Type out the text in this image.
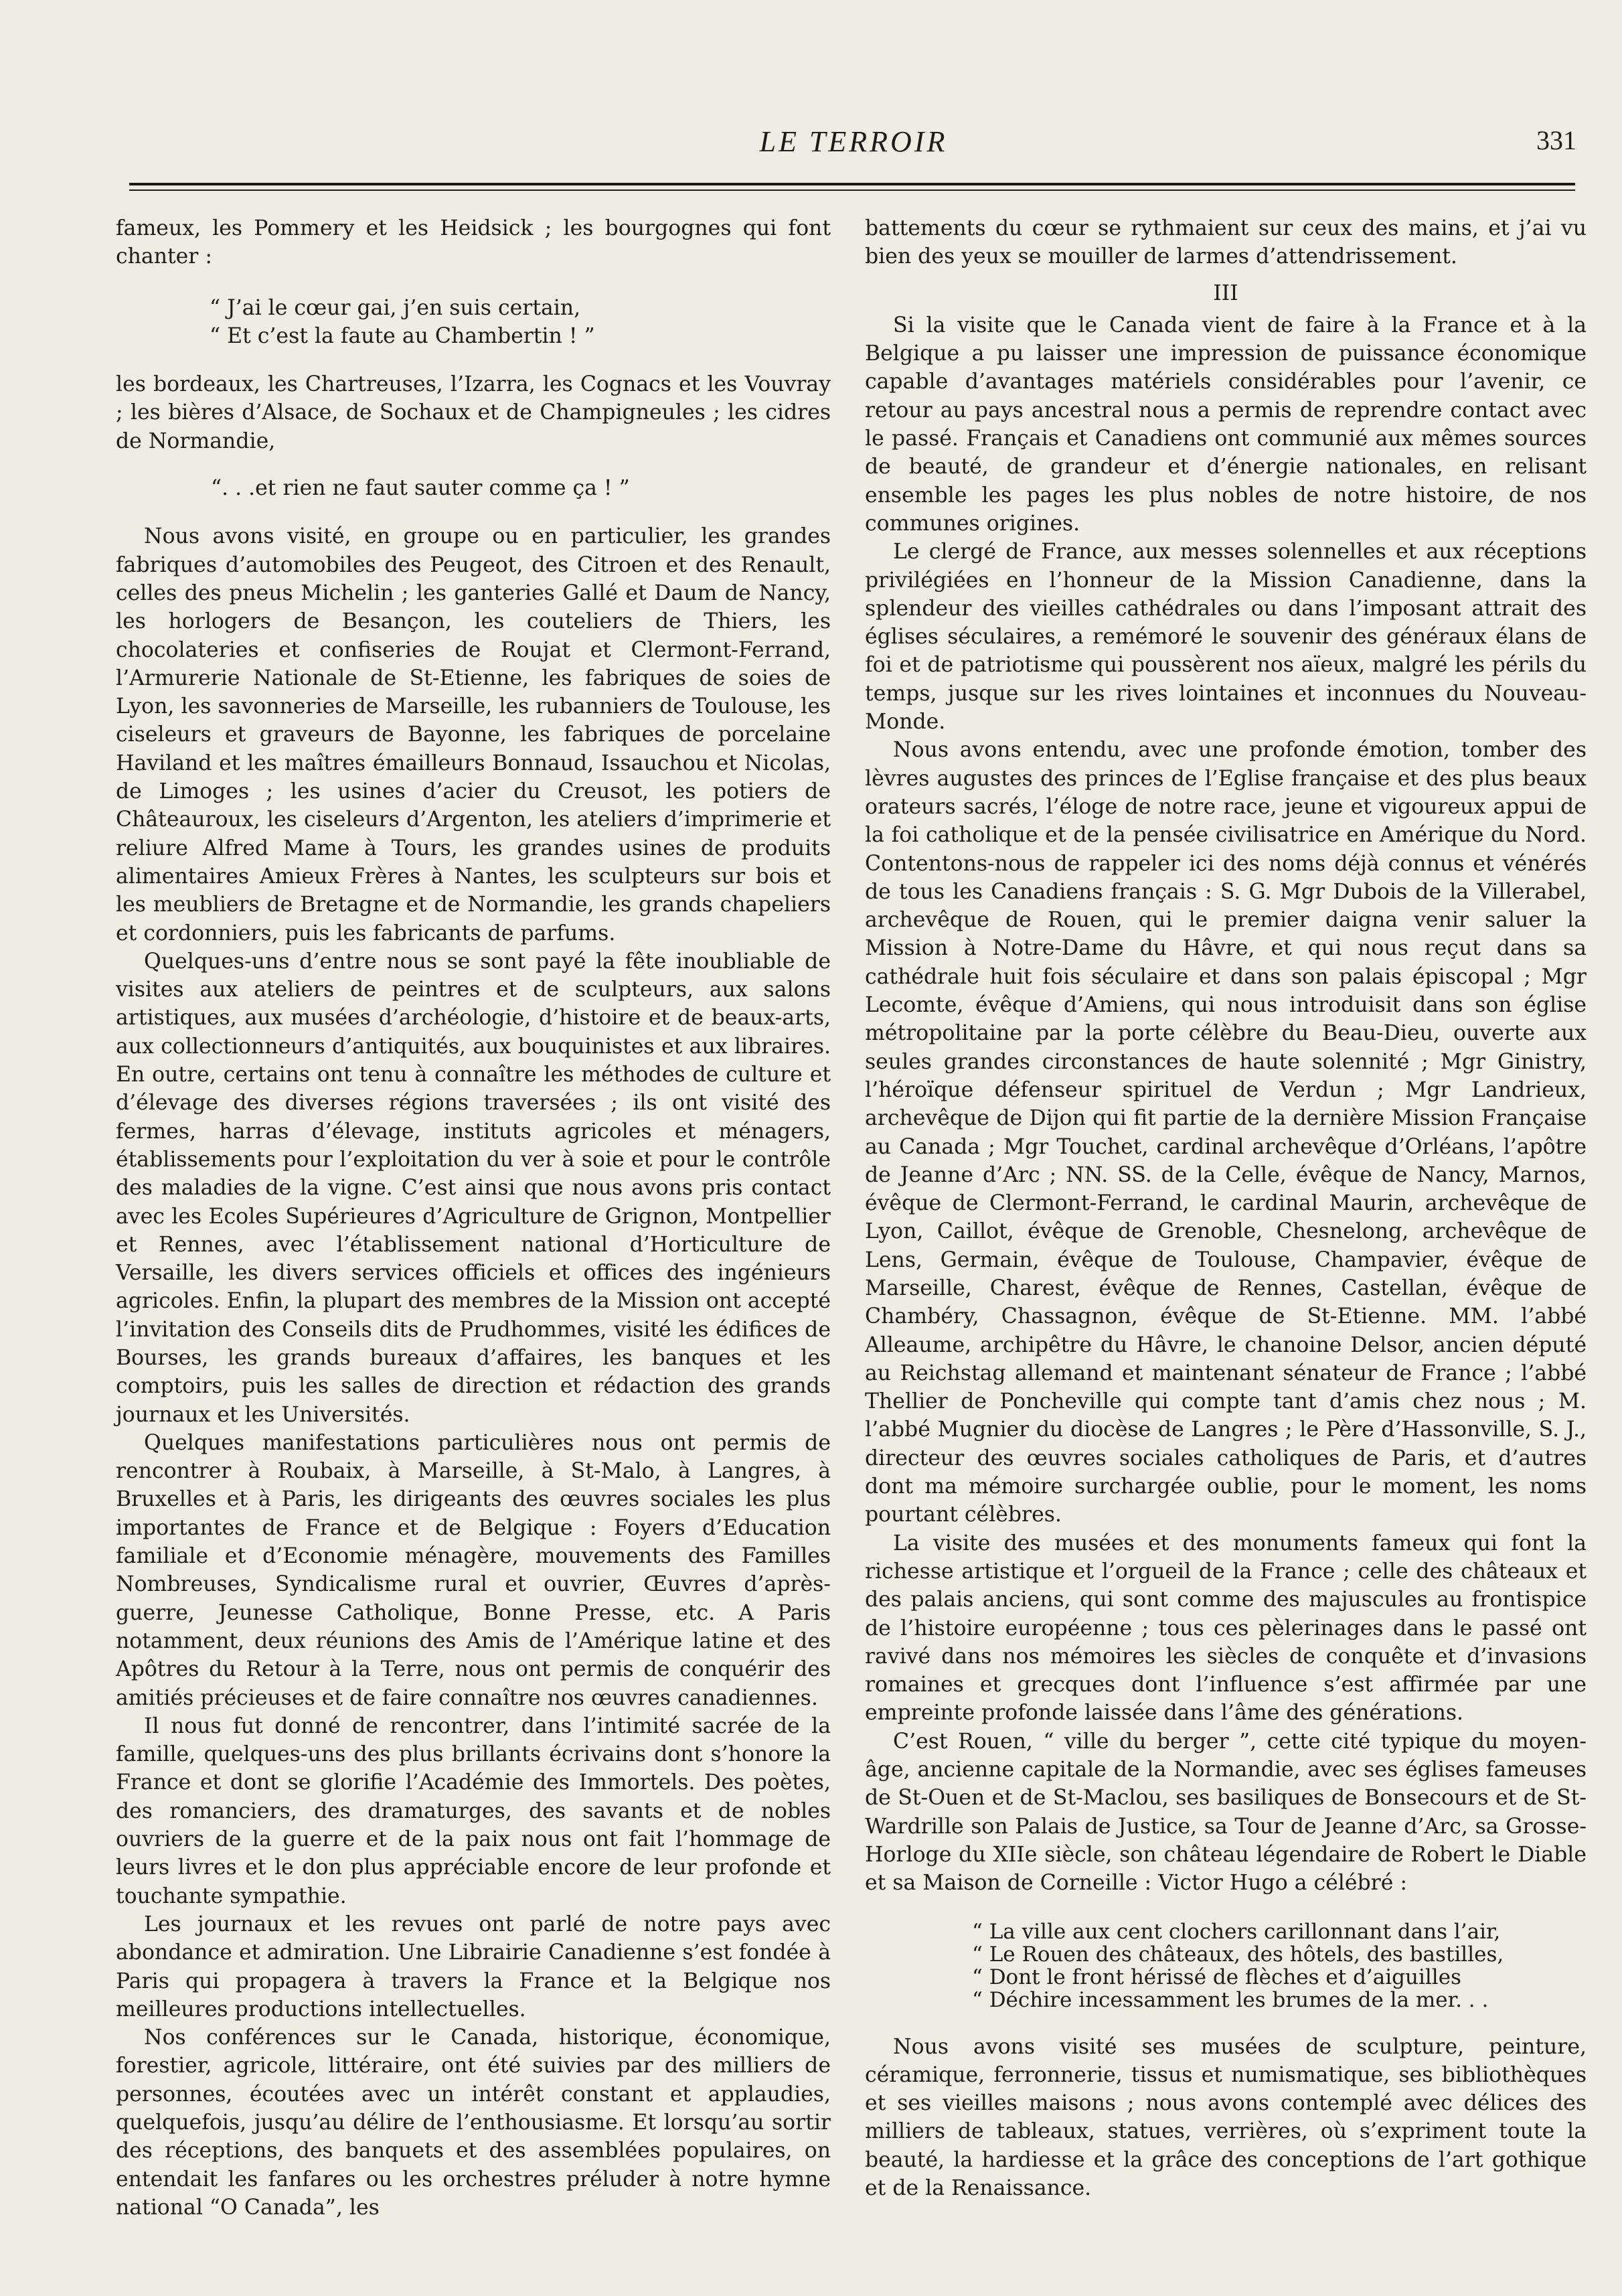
LE TERROIR	331

fameux, les Pommery et les Heidsick ; les bourgognes qui font chanter :

“ J’ai le cœur gai, j’en suis certain,
“ Et c’est la faute au Chambertin ! ”

les bordeaux, les Chartreuses, l’Izarra, les Cognacs et les Vouvray ; les bières d’Alsace, de Sochaux et de Champigneules ; les cidres de Normandie,

“. . .et rien ne faut sauter comme ça ! ”

Nous avons visité, en groupe ou en particulier, les grandes fabriques d’automobiles des Peugeot, des Citroen et des Renault, celles des pneus Michelin ; les ganteries Gallé et Daum de Nancy, les horlogers de Besançon, les couteliers de Thiers, les chocolateries et confiseries de Roujat et Clermont-Ferrand, l’Armurerie Nationale de St-Etienne, les fabriques de soies de Lyon, les savonneries de Marseille, les rubanniers de Toulouse, les ciseleurs et graveurs de Bayonne, les fabriques de porcelaine Haviland et les maîtres émailleurs Bonnaud, Issauchou et Nicolas, de Limoges ; les usines d’acier du Creusot, les potiers de Châteauroux, les ciseleurs d’Argenton, les ateliers d’imprimerie et reliure Alfred Mame à Tours, les grandes usines de produits alimentaires Amieux Frères à Nantes, les sculpteurs sur bois et les meubliers de Bretagne et de Normandie, les grands chapeliers et cordonniers, puis les fabricants de parfums.

Quelques-uns d’entre nous se sont payé la fête inoubliable de visites aux ateliers de peintres et de sculpteurs, aux salons artistiques, aux musées d’archéologie, d’histoire et de beaux-arts, aux collectionneurs d’antiquités, aux bouquinistes et aux libraires. En outre, certains ont tenu à connaître les méthodes de culture et d’élevage des diverses régions traversées ; ils ont visité des fermes, harras d’élevage, instituts agricoles et ménagers, établissements pour l’exploitation du ver à soie et pour le contrôle des maladies de la vigne. C’est ainsi que nous avons pris contact avec les Ecoles Supérieures d’Agriculture de Grignon, Montpellier et Rennes, avec l’établissement national d’Horticulture de Versaille, les divers services officiels et offices des ingénieurs agricoles. Enfin, la plupart des membres de la Mission ont accepté l’invitation des Conseils dits de Prudhommes, visité les édifices de Bourses, les grands bureaux d’affaires, les banques et les comptoirs, puis les salles de direction et rédaction des grands journaux et les Universités.

Quelques manifestations particulières nous ont permis de rencontrer à Roubaix, à Marseille, à St-Malo, à Langres, à Bruxelles et à Paris, les dirigeants des œuvres sociales les plus importantes de France et de Belgique : Foyers d’Education familiale et d’Economie ménagère, mouvements des Familles Nombreuses, Syndicalisme rural et ouvrier, Œuvres d’après-guerre, Jeunesse Catholique, Bonne Presse, etc. A Paris notamment, deux réunions des Amis de l’Amérique latine et des Apôtres du Retour à la Terre, nous ont permis de conquérir des amitiés précieuses et de faire connaître nos œuvres canadiennes.

Il nous fut donné de rencontrer, dans l’intimité sacrée de la famille, quelques-uns des plus brillants écrivains dont s’honore la France et dont se glorifie l’Académie des Immortels. Des poètes, des romanciers, des dramaturges, des savants et de nobles ouvriers de la guerre et de la paix nous ont fait l’hommage de leurs livres et le don plus appréciable encore de leur profonde et touchante sympathie.

Les journaux et les revues ont parlé de notre pays avec abondance et admiration. Une Librairie Canadienne s’est fondée à Paris qui propagera à travers la France et la Belgique nos meilleures productions intellectuelles.

Nos conférences sur le Canada, historique, économique, forestier, agricole, littéraire, ont été suivies par des milliers de personnes, écoutées avec un intérêt constant et applaudies, quelquefois, jusqu’au délire de l’enthousiasme. Et lorsqu’au sortir des réceptions, des banquets et des assemblées populaires, on entendait les fanfares ou les orchestres préluder à notre hymne national “O Canada”, les

battements du cœur se rythmaient sur ceux des mains, et j’ai vu bien des yeux se mouiller de larmes d’attendrissement.

III

Si la visite que le Canada vient de faire à la France et à la Belgique a pu laisser une impression de puissance économique capable d’avantages matériels considérables pour l’avenir, ce retour au pays ancestral nous a permis de reprendre contact avec le passé. Français et Canadiens ont communié aux mêmes sources de beauté, de grandeur et d’énergie nationales, en relisant ensemble les pages les plus nobles de notre histoire, de nos communes origines.

Le clergé de France, aux messes solennelles et aux réceptions privilégiées en l’honneur de la Mission Canadienne, dans la splendeur des vieilles cathédrales ou dans l’imposant attrait des églises séculaires, a remémoré le souvenir des généraux élans de foi et de patriotisme qui poussèrent nos aïeux, malgré les périls du temps, jusque sur les rives lointaines et inconnues du Nouveau-Monde.

Nous avons entendu, avec une profonde émotion, tomber des lèvres augustes des princes de l’Eglise française et des plus beaux orateurs sacrés, l’éloge de notre race, jeune et vigoureux appui de la foi catholique et de la pensée civilisatrice en Amérique du Nord. Contentons-nous de rappeler ici des noms déjà connus et vénérés de tous les Canadiens français : S. G. Mgr Dubois de la Villerabel, archevêque de Rouen, qui le premier daigna venir saluer la Mission à Notre-Dame du Hâvre, et qui nous reçut dans sa cathédrale huit fois séculaire et dans son palais épiscopal ; Mgr Lecomte, évêque d’Amiens, qui nous introduisit dans son église métropolitaine par la porte célèbre du Beau-Dieu, ouverte aux seules grandes circonstances de haute solennité ; Mgr Ginistry, l’héroïque défenseur spirituel de Verdun ; Mgr Landrieux, archevêque de Dijon qui fit partie de la dernière Mission Française au Canada ; Mgr Touchet, cardinal archevêque d’Orléans, l’apôtre de Jeanne d’Arc ; NN. SS. de la Celle, évêque de Nancy, Marnos, évêque de Clermont-Ferrand, le cardinal Maurin, archevêque de Lyon, Caillot, évêque de Grenoble, Chesnelong, archevêque de Lens, Germain, évêque de Toulouse, Champavier, évêque de Marseille, Charest, évêque de Rennes, Castellan, évêque de Chambéry, Chassagnon, évêque de St-Etienne. MM. l’abbé Alleaume, archipêtre du Hâvre, le chanoine Delsor, ancien député au Reichstag allemand et maintenant sénateur de France ; l’abbé Thellier de Poncheville qui compte tant d’amis chez nous ; M. l’abbé Mugnier du diocèse de Langres ; le Père d’Hassonville, S. J., directeur des œuvres sociales catholiques de Paris, et d’autres dont ma mémoire surchargée oublie, pour le moment, les noms pourtant célèbres.

La visite des musées et des monuments fameux qui font la richesse artistique et l’orgueil de la France ; celle des châteaux et des palais anciens, qui sont comme des majuscules au frontispice de l’histoire européenne ; tous ces pèlerinages dans le passé ont ravivé dans nos mémoires les siècles de conquête et d’invasions romaines et grecques dont l’influence s’est affirmée par une empreinte profonde laissée dans l’âme des générations.

C’est Rouen, “ ville du berger ”, cette cité typique du moyen-âge, ancienne capitale de la Normandie, avec ses églises fameuses de St-Ouen et de St-Maclou, ses basiliques de Bonsecours et de St-Wardrille son Palais de Justice, sa Tour de Jeanne d’Arc, sa Grosse-Horloge du XIIe siècle, son château légendaire de Robert le Diable et sa Maison de Corneille : Victor Hugo a célébré :

“ La ville aux cent clochers carillonnant dans l’air,
“ Le Rouen des châteaux, des hôtels, des bastilles,
“ Dont le front hérissé de flèches et d’aiguilles
“ Déchire incessamment les brumes de la mer. . .

Nous avons visité ses musées de sculpture, peinture, céramique, ferronnerie, tissus et numismatique, ses bibliothèques et ses vieilles maisons ; nous avons contemplé avec délices des milliers de tableaux, statues, verrières, où s’expriment toute la beauté, la hardiesse et la grâce des conceptions de l’art gothique et de la Renaissance.
